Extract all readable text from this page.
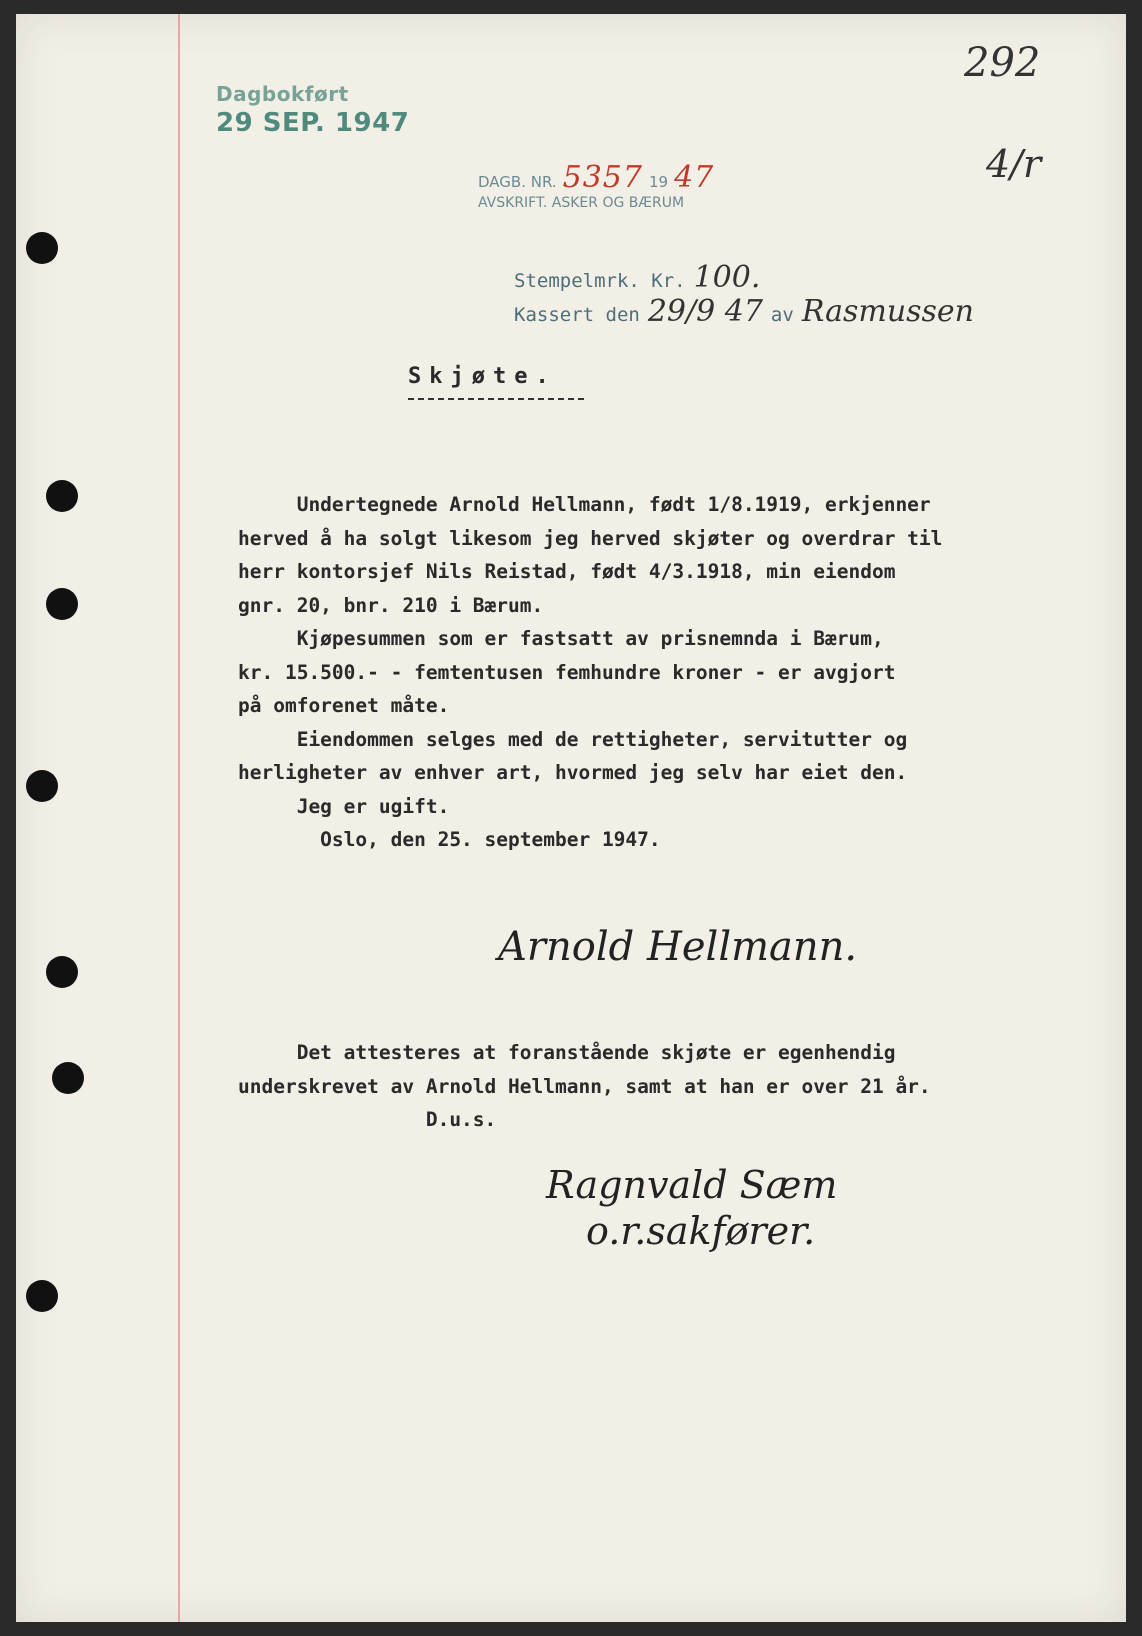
Dagbokført
29 SEP. 1947
292
4/r
DAGB. NR. 5357 19 47
AVSKRIFT. ASKER OG BÆRUM
Stempelmrk. Kr. 100.
Kassert den 29/9 47 av Rasmussen
Skjøte.
Undertegnede Arnold Hellmann, født 1/8.1919, erkjenner
herved å ha solgt likesom jeg herved skjøter og overdrar til
herr kontorsjef Nils Reistad, født 4/3.1918, min eiendom
gnr. 20, bnr. 210 i Bærum.
Kjøpesummen som er fastsatt av prisnemnda i Bærum,
kr. 15.500.- - femtentusen femhundre kroner - er avgjort
på omforenet måte.
Eiendommen selges med de rettigheter, servitutter og
herligheter av enhver art, hvormed jeg selv har eiet den.
Jeg er ugift.
Oslo, den 25. september 1947.
Arnold Hellmann.
Det attesteres at foranstående skjøte er egenhendig
underskrevet av Arnold Hellmann, samt at han er over 21 år.
D.u.s.
Ragnvald Sæm
o.r.sakfører.
